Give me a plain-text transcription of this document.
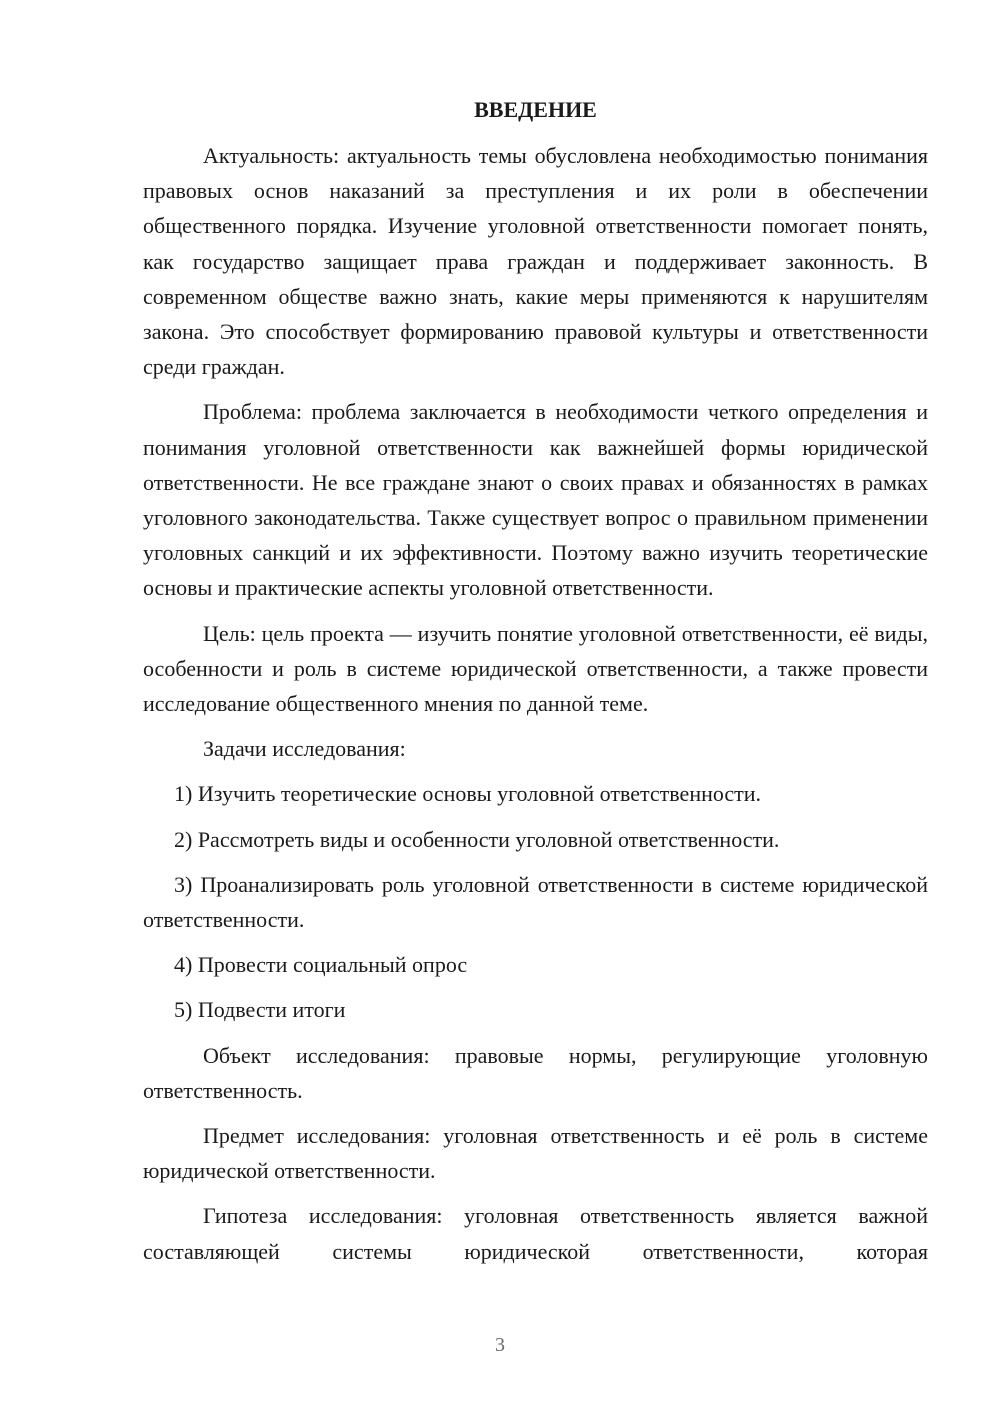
ВВЕДЕНИЕ

Актуальность: актуальность темы обусловлена необходимостью понимания правовых основ наказаний за преступления и их роли в обеспечении общественного порядка. Изучение уголовной ответственности помогает понять, как государство защищает права граждан и поддерживает законность. В современном обществе важно знать, какие меры применяются к нарушителям закона. Это способствует формированию правовой культуры и ответственности среди граждан.

Проблема: проблема заключается в необходимости четкого определения и понимания уголовной ответственности как важнейшей формы юридической ответственности. Не все граждане знают о своих правах и обязанностях в рамках уголовного законодательства. Также существует вопрос о правильном применении уголовных санкций и их эффективности. Поэтому важно изучить теоретические основы и практические аспекты уголовной ответственности.

Цель: цель проекта — изучить понятие уголовной ответственности, её виды, особенности и роль в системе юридической ответственности, а также провести исследование общественного мнения по данной теме.

Задачи исследования:

1) Изучить теоретические основы уголовной ответственности.

2) Рассмотреть виды и особенности уголовной ответственности.

3) Проанализировать роль уголовной ответственности в системе юридической ответственности.

4) Провести социальный опрос

5) Подвести итоги

Объект исследования: правовые нормы, регулирующие уголовную ответственность.

Предмет исследования: уголовная ответственность и её роль в системе юридической ответственности.

Гипотеза исследования: уголовная ответственность является важной составляющей системы юридической ответственности, которая

3
